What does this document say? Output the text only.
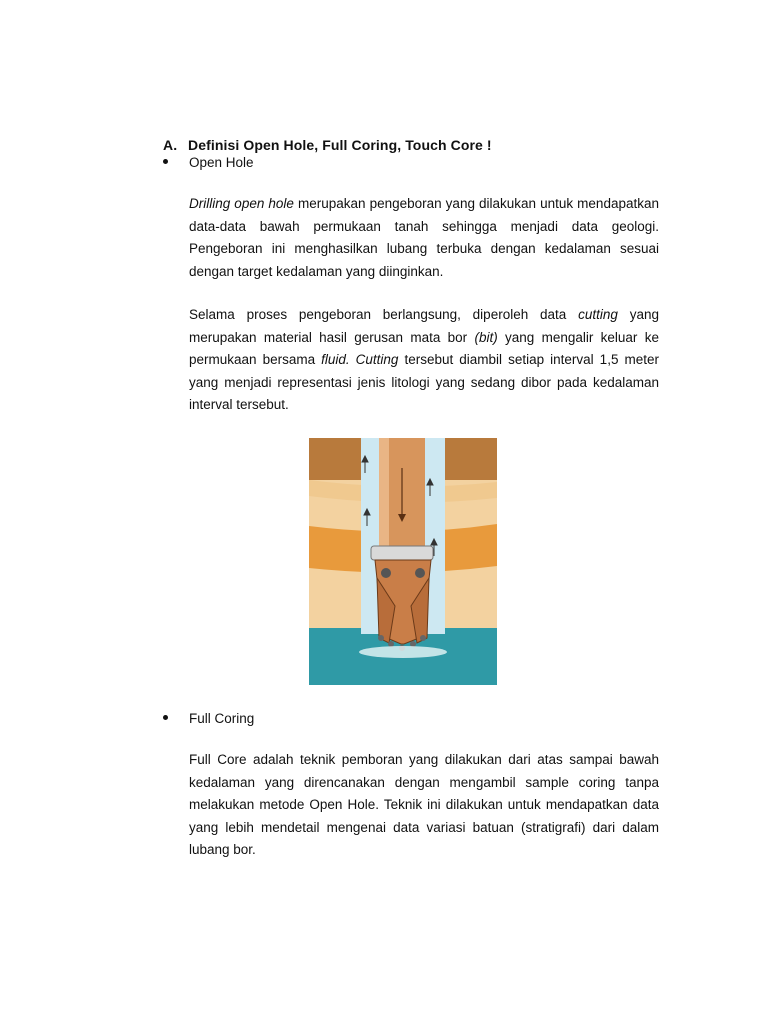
A. Definisi Open Hole, Full Coring, Touch Core !
Open Hole

Drilling open hole merupakan pengeboran yang dilakukan untuk mendapatkan data-data bawah permukaan tanah sehingga menjadi data geologi. Pengeboran ini menghasilkan lubang terbuka dengan kedalaman sesuai dengan target kedalaman yang diinginkan.

Selama proses pengeboran berlangsung, diperoleh data cutting yang merupakan material hasil gerusan mata bor (bit) yang mengalir keluar ke permukaan bersama fluid. Cutting tersebut diambil setiap interval 1,5 meter yang menjadi representasi jenis litologi yang sedang dibor pada kedalaman interval tersebut.

Full Coring

Full Core adalah teknik pemboran yang dilakukan dari atas sampai bawah kedalaman yang direncanakan dengan mengambil sample coring tanpa melakukan metode Open Hole. Teknik ini dilakukan untuk mendapatkan data yang lebih mendetail mengenai data variasi batuan (stratigrafi) dari dalam lubang bor.
